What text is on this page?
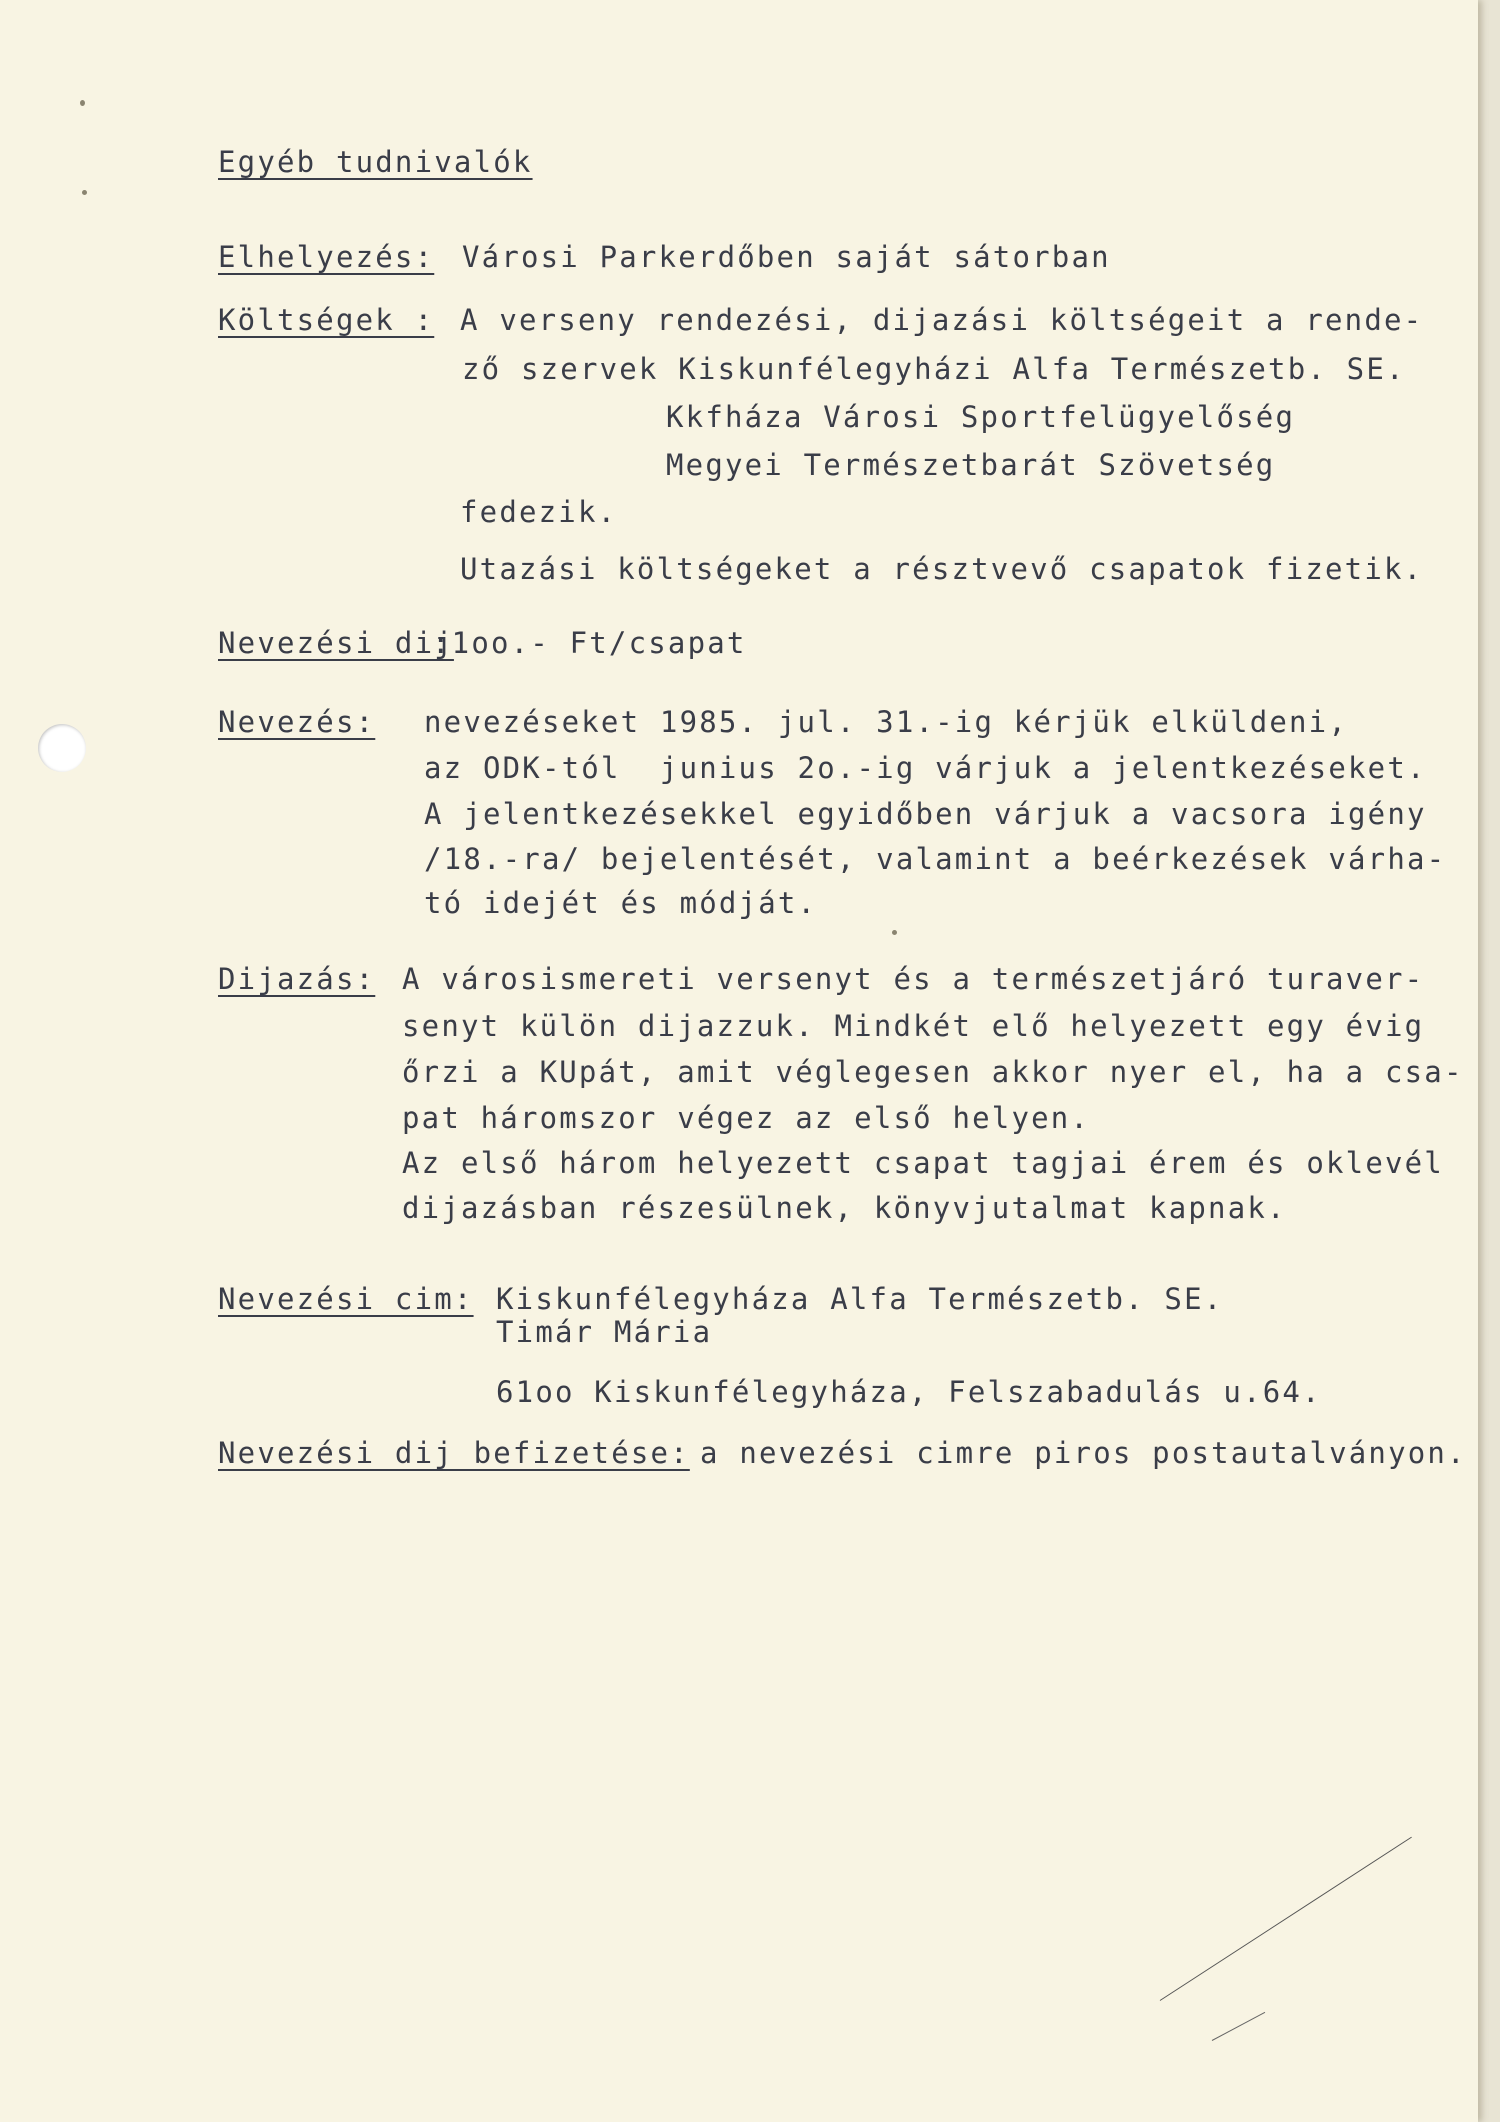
Egyéb tudnivalók
Elhelyezés: Városi Parkerdőben saját sátorban
Költségek : A verseny rendezési, dijazási költségeit a rende-
ző szervek Kiskunfélegyházi Alfa Természetb. SE.
Kkfháza Városi Sportfelügyelőség
Megyei Természetbarát Szövetség
fedezik.
Utazási költségeket a résztvevő csapatok fizetik.
Nevezési dij
:1oo.- Ft/csapat
Nevezés: nevezéseket 1985. jul. 31.-ig kérjük elküldeni,
az ODK-tól  junius 2o.-ig várjuk a jelentkezéseket.
A jelentkezésekkel egyidőben várjuk a vacsora igény
/18.-ra/ bejelentését, valamint a beérkezések várha-
tó idejét és módját.
Dijazás: A városismereti versenyt és a természetjáró turaver-
senyt külön dijazzuk. Mindkét elő helyezett egy évig
őrzi a KUpát, amit véglegesen akkor nyer el, ha a csa-
pat háromszor végez az első helyen.
Az első három helyezett csapat tagjai érem és oklevél
dijazásban részesülnek, könyvjutalmat kapnak.
Nevezési cim: Kiskunfélegyháza Alfa Természetb. SE.
Timár Mária
61oo Kiskunfélegyháza, Felszabadulás u.64.
Nevezési dij befizetése: a nevezési cimre piros postautalványon.
